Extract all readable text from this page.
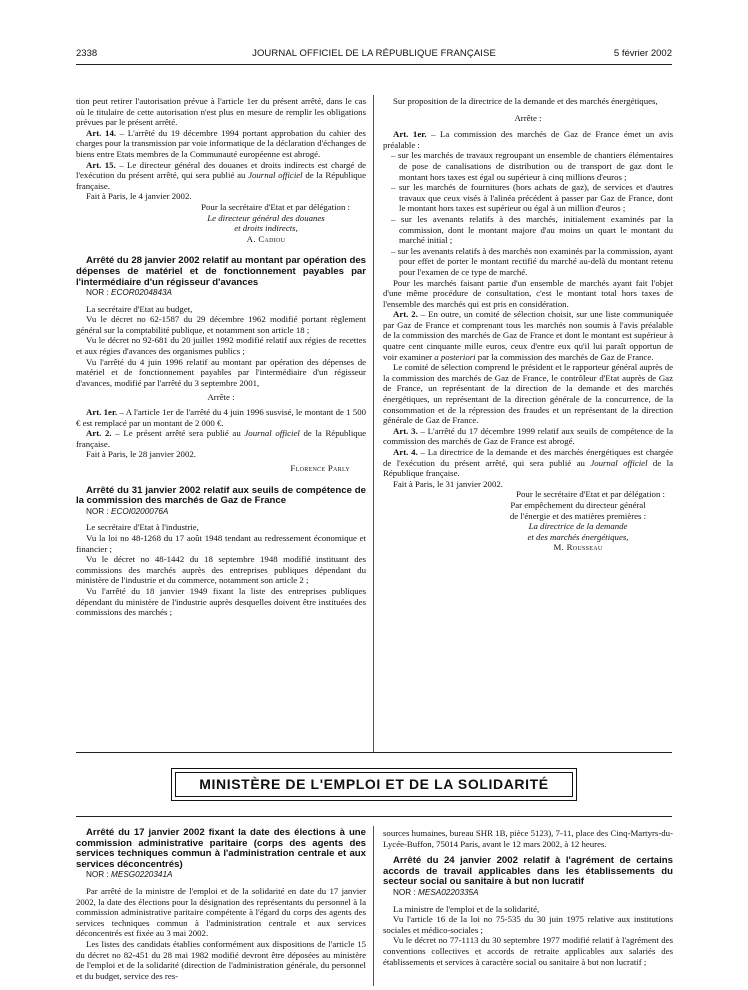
2338	JOURNAL OFFICIEL DE LA RÉPUBLIQUE FRANÇAISE	5 février 2002

tion peut retirer l'autorisation prévue à l'article 1er du présent arrêté, dans le cas où le titulaire de cette autorisation n'est plus en mesure de remplir les obligations prévues par le présent arrêté.

Art. 14. – L'arrêté du 19 décembre 1994 portant approbation du cahier des charges pour la transmission par voie informatique de la déclaration d'échanges de biens entre Etats membres de la Communauté européenne est abrogé.

Art. 15. – Le directeur général des douanes et droits indirects est chargé de l'exécution du présent arrêté, qui sera publié au Journal officiel de la République française.

Fait à Paris, le 4 janvier 2002.

Pour la secrétaire d'Etat et par délégation :

Le directeur général des douanes

et droits indirects,

A. Cadiou

Arrêté du 28 janvier 2002 relatif au montant par opération des dépenses de matériel et de fonctionnement payables par l'intermédiaire d'un régisseur d'avances

NOR : ECOR0204843A

La secrétaire d'Etat au budget,

Vu le décret no 62-1587 du 29 décembre 1962 modifié portant règlement général sur la comptabilité publique, et notamment son article 18 ;

Vu le décret no 92-681 du 20 juillet 1992 modifié relatif aux régies de recettes et aux régies d'avances des organismes publics ;

Vu l'arrêté du 4 juin 1996 relatif au montant par opération des dépenses de matériel et de fonctionnement payables par l'intermédiaire d'un régisseur d'avances, modifié par l'arrêté du 3 septembre 2001,

Arrête :

Art. 1er. – A l'article 1er de l'arrêté du 4 juin 1996 susvisé, le montant de 1 500 € est remplacé par un montant de 2 000 €.

Art. 2. – Le présent arrêté sera publié au Journal officiel de la République française.

Fait à Paris, le 28 janvier 2002.

Florence Parly

Arrêté du 31 janvier 2002 relatif aux seuils de compétence de la commission des marchés de Gaz de France

NOR : ECOI0200076A

Le secrétaire d'Etat à l'industrie,

Vu la loi no 48-1268 du 17 août 1948 tendant au redressement économique et financier ;

Vu le décret no 48-1442 du 18 septembre 1948 modifié instituant des commissions des marchés auprès des entreprises publiques dépendant du ministère de l'industrie et du commerce, notamment son article 2 ;

Vu l'arrêté du 18 janvier 1949 fixant la liste des entreprises publiques dépendant du ministère de l'industrie auprès desquelles doivent être instituées des commissions des marchés ;

Sur proposition de la directrice de la demande et des marchés énergétiques,

Arrête :

Art. 1er. – La commission des marchés de Gaz de France émet un avis préalable :

– sur les marchés de travaux regroupant un ensemble de chantiers élémentaires de pose de canalisations de distribution ou de transport de gaz dont le montant hors taxes est égal ou supérieur à cinq millions d'euros ;

– sur les marchés de fournitures (hors achats de gaz), de services et d'autres travaux que ceux visés à l'alinéa précédent à passer par Gaz de France, dont le montant hors taxes est supérieur ou égal à un million d'euros ;

– sur les avenants relatifs à des marchés, initialement examinés par la commission, dont le montant majore d'au moins un quart le montant du marché initial ;

– sur les avenants relatifs à des marchés non examinés par la commission, ayant pour effet de porter le montant rectifié du marché au-delà du montant retenu pour l'examen de ce type de marché.

Pour les marchés faisant partie d'un ensemble de marchés ayant fait l'objet d'une même procédure de consultation, c'est le montant total hors taxes de l'ensemble des marchés qui est pris en considération.

Art. 2. – En outre, un comité de sélection choisit, sur une liste communiquée par Gaz de France et comprenant tous les marchés non soumis à l'avis préalable de la commission des marchés de Gaz de France et dont le montant est supérieur à quatre cent cinquante mille euros, ceux d'entre eux qu'il lui paraît opportun de voir examiner a posteriori par la commission des marchés de Gaz de France.

Le comité de sélection comprend le président et le rapporteur général auprès de la commission des marchés de Gaz de France, le contrôleur d'Etat auprès de Gaz de France, un représentant de la direction de la demande et des marchés énergétiques, un représentant de la direction générale de la concurrence, de la consommation et de la répression des fraudes et un représentant de la direction générale de Gaz de France.

Art. 3. – L'arrêté du 17 décembre 1999 relatif aux seuils de compétence de la commission des marchés de Gaz de France est abrogé.

Art. 4. – La directrice de la demande et des marchés énergétiques est chargée de l'exécution du présent arrêté, qui sera publié au Journal officiel de la République française.

Fait à Paris, le 31 janvier 2002.

Pour le secrétaire d'Etat et par délégation :

Par empêchement du directeur général

de l'énergie et des matières premières :

La directrice de la demande

et des marchés énergétiques,

M. Rousseau

MINISTÈRE DE L'EMPLOI ET DE LA SOLIDARITÉ

Arrêté du 17 janvier 2002 fixant la date des élections à une commission administrative paritaire (corps des agents des services techniques commun à l'administration centrale et aux services déconcentrés)

NOR : MESG0220341A

Par arrêté de la ministre de l'emploi et de la solidarité en date du 17 janvier 2002, la date des élections pour la désignation des représentants du personnel à la commission administrative paritaire compétente à l'égard du corps des agents des services techniques commun à l'administration centrale et aux services déconcentrés est fixée au 3 mai 2002.

Les listes des candidats établies conformément aux dispositions de l'article 15 du décret no 82-451 du 28 mai 1982 modifié devront être déposées au ministère de l'emploi et de la solidarité (direction de l'administration générale, du personnel et du budget, service des res-

sources humaines, bureau SHR 1B, pièce 5123), 7-11, place des Cinq-Martyrs-du-Lycée-Buffon, 75014 Paris, avant le 12 mars 2002, à 12 heures.

Arrêté du 24 janvier 2002 relatif à l'agrément de certains accords de travail applicables dans les établissements du secteur social ou sanitaire à but non lucratif

NOR : MESA0220335A

La ministre de l'emploi et de la solidarité,

Vu l'article 16 de la loi no 75-535 du 30 juin 1975 relative aux institutions sociales et médico-sociales ;

Vu le décret no 77-1113 du 30 septembre 1977 modifié relatif à l'agrément des conventions collectives et accords de retraite applicables aux salariés des établissements et services à caractère social ou sanitaire à but non lucratif ;
